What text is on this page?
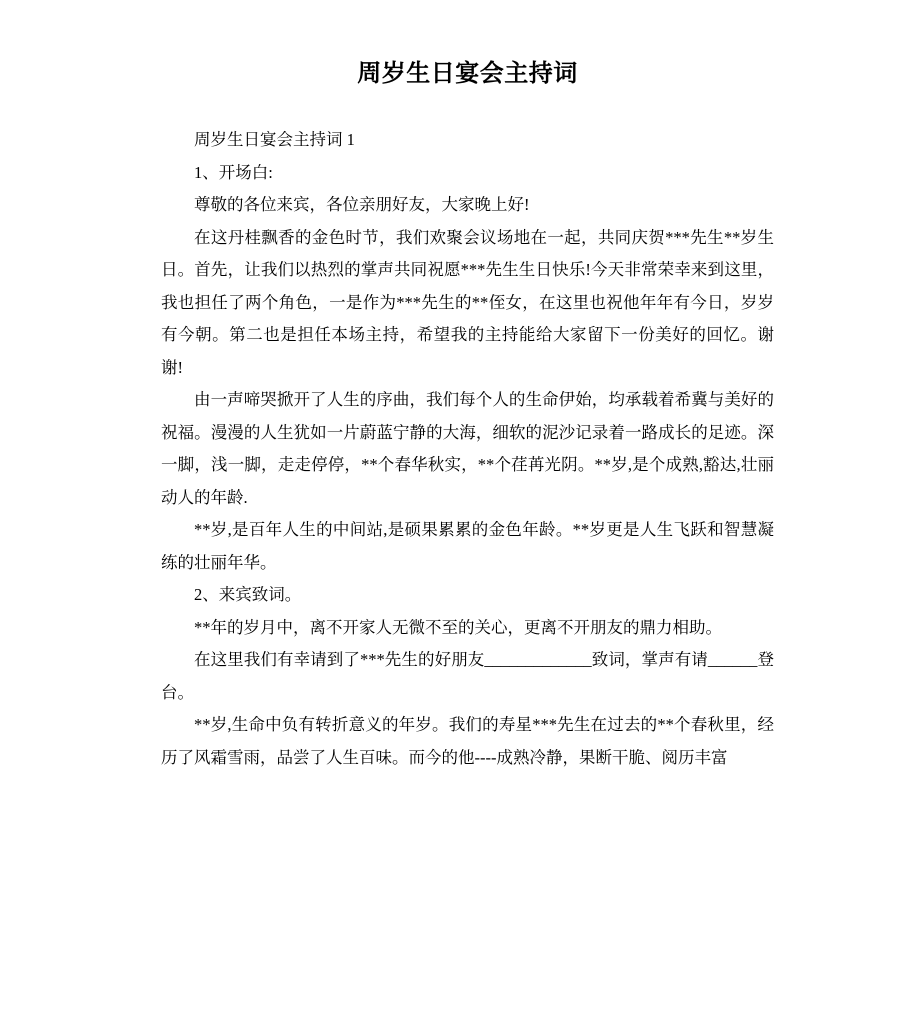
周岁生日宴会主持词

周岁生日宴会主持词 1

1、开场白:

尊敬的各位来宾，各位亲朋好友，大家晚上好!

在这丹桂飘香的金色时节，我们欢聚会议场地在一起，共同庆贺***先生**岁生日。首先，让我们以热烈的掌声共同祝愿***先生生日快乐!今天非常荣幸来到这里，我也担任了两个角色，一是作为***先生的**侄女，在这里也祝他年年有今日，岁岁有今朝。第二也是担任本场主持，希望我的主持能给大家留下一份美好的回忆。谢谢!

由一声啼哭掀开了人生的序曲，我们每个人的生命伊始，均承载着希冀与美好的祝福。漫漫的人生犹如一片蔚蓝宁静的大海，细软的泥沙记录着一路成长的足迹。深一脚，浅一脚，走走停停，**个春华秋实，**个荏苒光阴。**岁,是个成熟,豁达,壮丽动人的年龄.

**岁,是百年人生的中间站,是硕果累累的金色年龄。**岁更是人生飞跃和智慧凝练的壮丽年华。

2、来宾致词。

**年的岁月中，离不开家人无微不至的关心，更离不开朋友的鼎力相助。

在这里我们有幸请到了***先生的好朋友_____________致词，掌声有请______登台。

**岁,生命中负有转折意义的年岁。我们的寿星***先生在过去的**个春秋里，经历了风霜雪雨，品尝了人生百味。而今的他----成熟冷静，果断干脆、阅历丰富
